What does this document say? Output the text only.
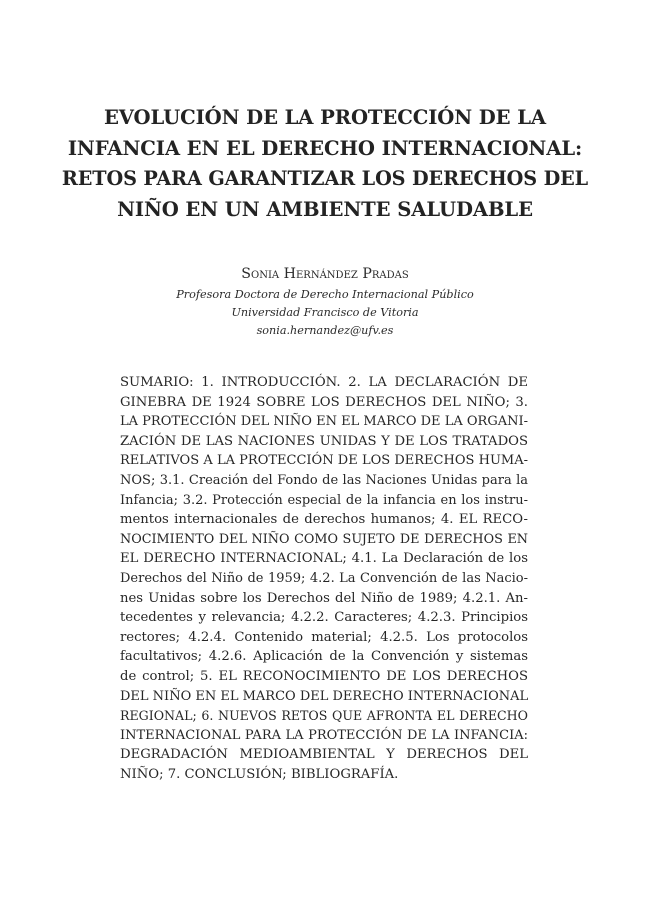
EVOLUCIÓN DE LA PROTECCIÓN DE LA
INFANCIA EN EL DERECHO INTERNACIONAL:
RETOS PARA GARANTIZAR LOS DERECHOS DEL
NIÑO EN UN AMBIENTE SALUDABLE
Sonia Hernández Pradas
Profesora Doctora de Derecho Internacional Público
Universidad Francisco de Vitoria
sonia.hernandez@ufv.es
SUMARIO: 1. INTRODUCCIÓN. 2. LA DECLARACIÓN DE
GINEBRA DE 1924 SOBRE LOS DERECHOS DEL NIÑO; 3.
LA PROTECCIÓN DEL NIÑO EN EL MARCO DE LA ORGANI-
ZACIÓN DE LAS NACIONES UNIDAS Y DE LOS TRATADOS
RELATIVOS A LA PROTECCIÓN DE LOS DERECHOS HUMA-
NOS; 3.1. Creación del Fondo de las Naciones Unidas para la
Infancia; 3.2. Protección especial de la infancia en los instru-
mentos internacionales de derechos humanos; 4. EL RECO-
NOCIMIENTO DEL NIÑO COMO SUJETO DE DERECHOS EN
EL DERECHO INTERNACIONAL; 4.1. La Declaración de los
Derechos del Niño de 1959; 4.2. La Convención de las Nacio-
nes Unidas sobre los Derechos del Niño de 1989; 4.2.1. An-
tecedentes y relevancia; 4.2.2. Caracteres; 4.2.3. Principios
rectores; 4.2.4. Contenido material; 4.2.5. Los protocolos
facultativos; 4.2.6. Aplicación de la Convención y sistemas
de control; 5. EL RECONOCIMIENTO DE LOS DERECHOS
DEL NIÑO EN EL MARCO DEL DERECHO INTERNACIONAL
REGIONAL; 6. NUEVOS RETOS QUE AFRONTA EL DERECHO
INTERNACIONAL PARA LA PROTECCIÓN DE LA INFANCIA:
DEGRADACIÓN MEDIOAMBIENTAL Y DERECHOS DEL
NIÑO; 7. CONCLUSIÓN; BIBLIOGRAFÍA.
